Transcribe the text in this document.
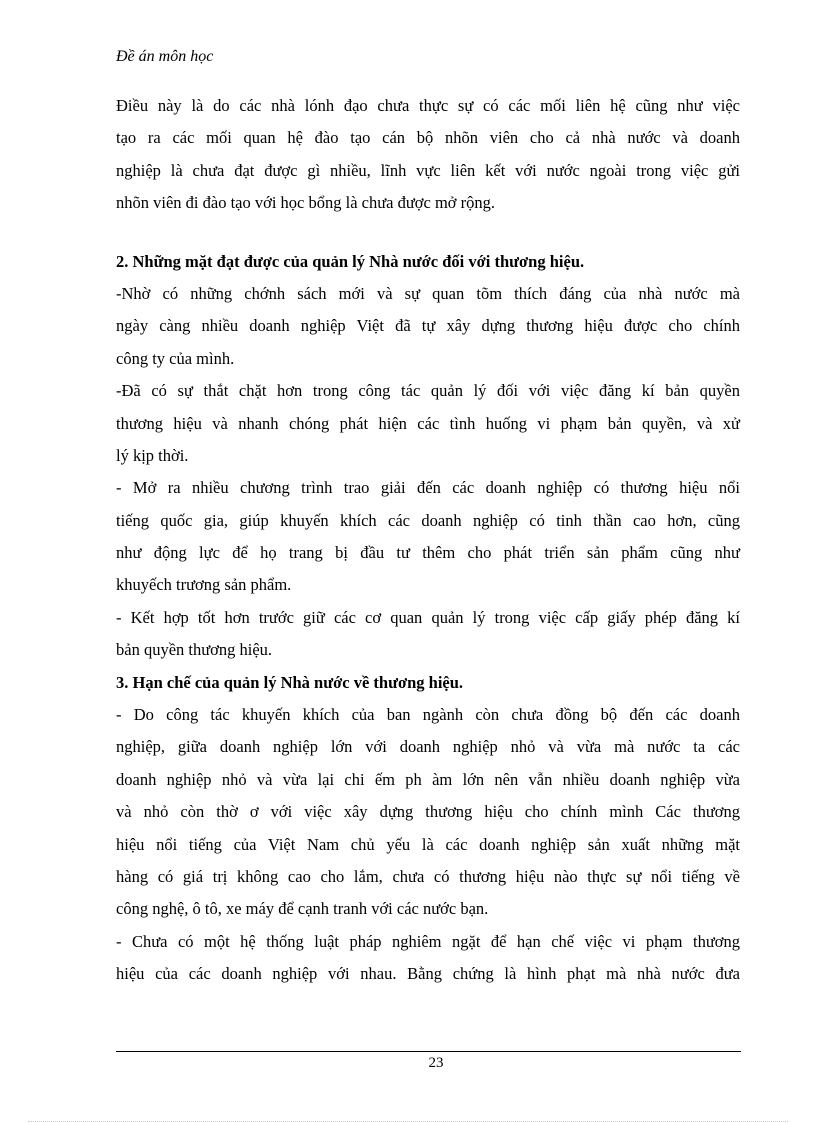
Đề án môn học
Điều này là do các nhà lónh đạo chưa thực sự có các mối liên hệ cũng như việc
tạo ra các mối quan hệ đào tạo cán bộ nhõn viên cho cả nhà nước và doanh
nghiệp là chưa đạt được gì nhiều, lĩnh vực liên kết với nước ngoài trong việc gửi
nhõn viên đi đào tạo với học bổng là chưa được mở rộng.
2. Những mặt đạt được của quản lý Nhà nước đối với thương hiệu.
-Nhờ có những chớnh sách mới và sự quan tõm thích đáng của nhà nước mà
ngày càng nhiều doanh nghiệp Việt đã tự xây dựng thương hiệu được cho chính
công ty của mình.
-Đã có sự thắt chặt hơn trong công tác quản lý đối với việc đăng kí bản quyền
thương hiệu và nhanh chóng phát hiện các tình huống vi phạm bản quyền, và xử
lý kịp thời.
- Mở ra nhiều chương trình trao giải đến các doanh nghiệp có thương hiệu nổi
tiếng quốc gia, giúp khuyến khích các doanh nghiệp có tinh thần cao hơn, cũng
như động lực để họ trang bị đầu tư thêm cho phát triển sản phẩm cũng như
khuyếch trương sản phẩm.
- Kết hợp tốt hơn trước giữ các cơ quan quản lý trong việc cấp giấy phép đăng kí
bản quyền thương hiệu.
3. Hạn chế của quản lý Nhà nước về thương hiệu.
- Do công tác khuyến khích của ban ngành còn chưa đồng bộ đến các doanh
nghiệp, giữa doanh nghiệp lớn với doanh nghiệp nhỏ và vừa mà nước ta các
doanh nghiệp nhỏ và vừa lại chi ếm ph àm lớn nên vẫn nhiều doanh nghiệp vừa
và nhỏ còn thờ ơ với việc xây dựng thương hiệu cho chính mình Các thương
hiệu nổi tiếng của Việt Nam chủ yếu là các doanh nghiệp sản xuất những mặt
hàng có giá trị không cao cho lắm, chưa có thương hiệu nào thực sự nổi tiếng về
công nghệ, ô tô, xe máy để cạnh tranh với các nước bạn.
- Chưa có một hệ thống luật pháp nghiêm ngặt để hạn chế việc vi phạm thương
hiệu của các doanh nghiệp với nhau. Bằng chứng là hình phạt mà nhà nước đưa
23
